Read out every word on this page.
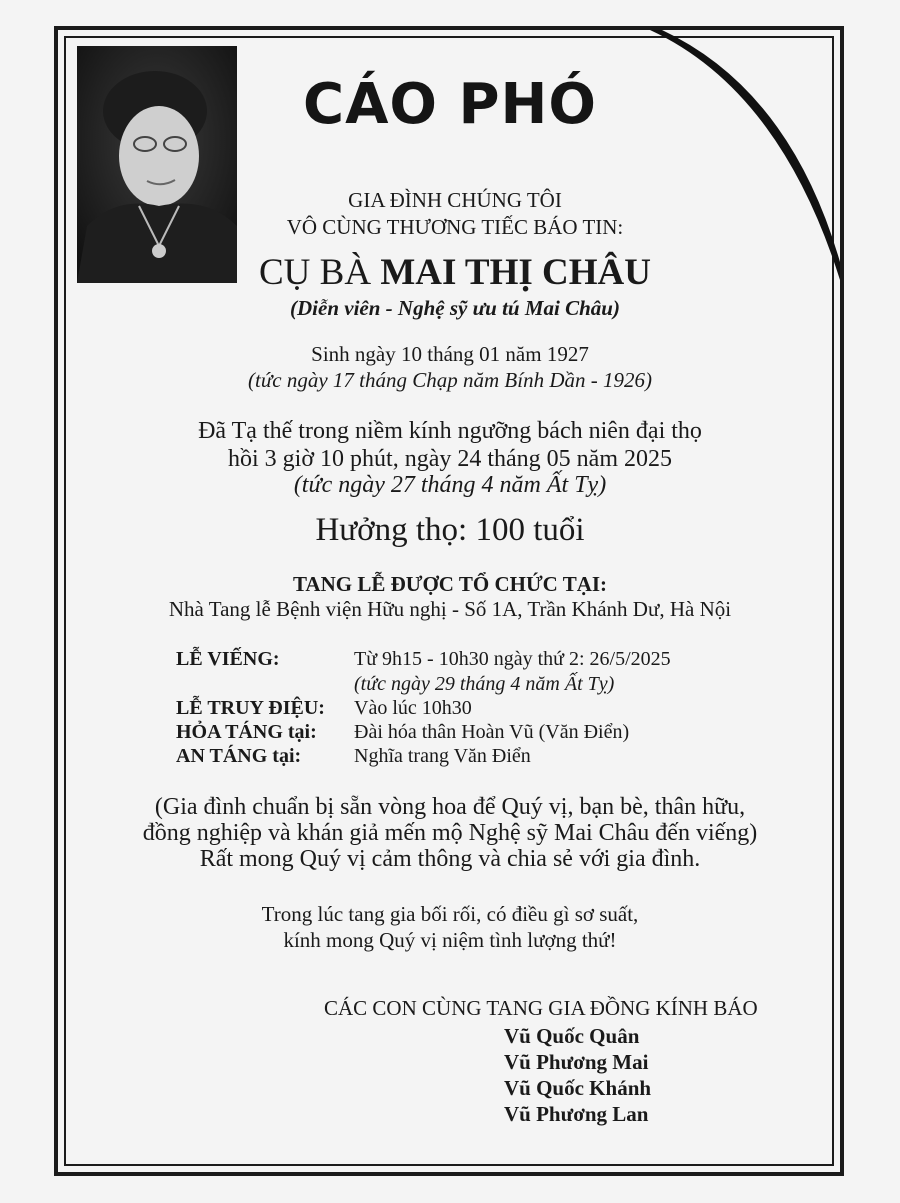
CÁO PHÓ
GIA ĐÌNH CHÚNG TÔI
VÔ CÙNG THƯƠNG TIẾC BÁO TIN:
CỤ BÀ MAI THỊ CHÂU
(Diễn viên - Nghệ sỹ ưu tú Mai Châu)
Sinh ngày 10 tháng 01 năm 1927
(tức ngày 17 tháng Chạp năm Bính Dần - 1926)
Đã Tạ thế trong niềm kính ngưỡng bách niên đại thọ
hồi 3 giờ 10 phút, ngày 24 tháng 05 năm 2025
(tức ngày 27 tháng 4 năm Ất Tỵ)
Hưởng thọ: 100 tuổi
TANG LỄ ĐƯỢC TỔ CHỨC TẠI:
Nhà Tang lễ Bệnh viện Hữu nghị - Số 1A, Trần Khánh Dư, Hà Nội
LỄ VIẾNG:	Từ 9h15 - 10h30 ngày thứ 2: 26/5/2025
(tức ngày 29 tháng 4 năm Ất Tỵ)
LỄ TRUY ĐIỆU: Vào lúc 10h30
HỎA TÁNG tại: Đài hóa thân Hoàn Vũ (Văn Điển)
AN TÁNG tại:	Nghĩa trang Văn Điển
(Gia đình chuẩn bị sẵn vòng hoa để Quý vị, bạn bè, thân hữu,
đồng nghiệp và khán giả mến mộ Nghệ sỹ Mai Châu đến viếng)
Rất mong Quý vị cảm thông và chia sẻ với gia đình.
Trong lúc tang gia bối rối, có điều gì sơ suất,
kính mong Quý vị niệm tình lượng thứ!
CÁC CON CÙNG TANG GIA ĐỒNG KÍNH BÁO
Vũ Quốc Quân
Vũ Phương Mai
Vũ Quốc Khánh
Vũ Phương Lan
